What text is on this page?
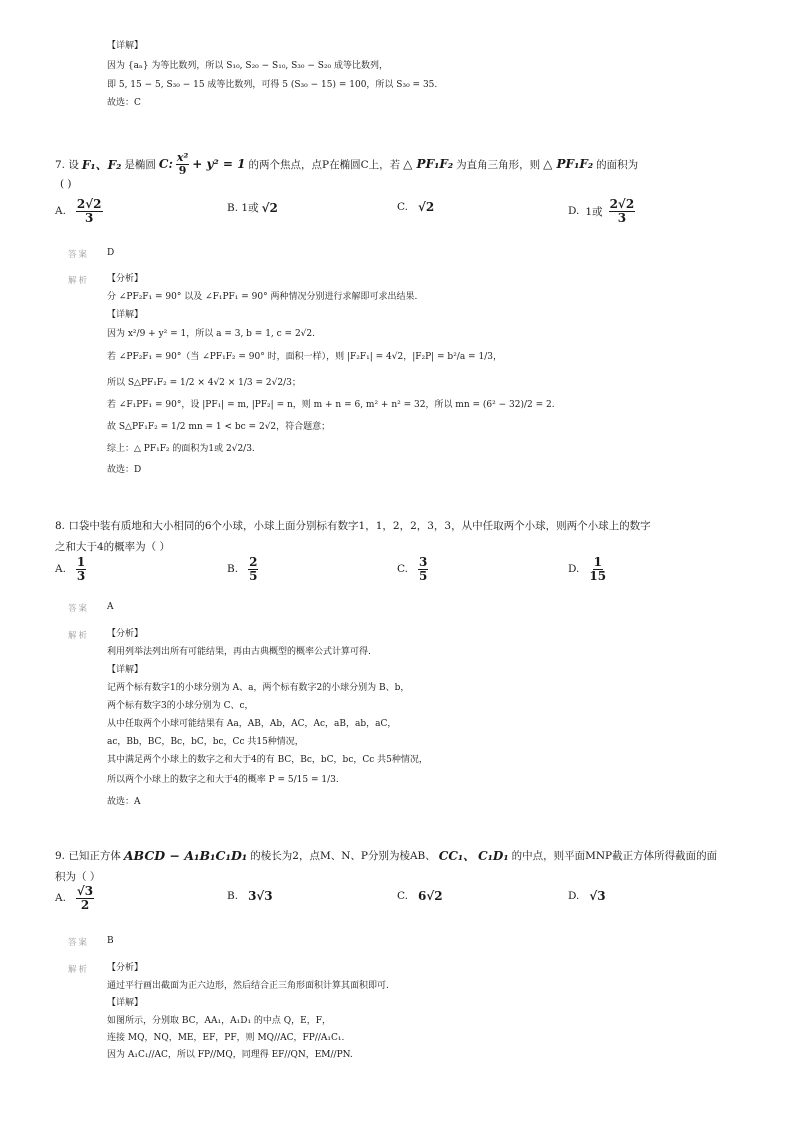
【详解】
因为 {aₙ} 为等比数列，所以 S₁₀, S₂₀ − S₁₀, S₃₀ − S₂₀ 成等比数列，
即 5, 15 − 5, S₃₀ − 15 成等比数列，可得 5 (S₃₀ − 15) = 100，所以 S₃₀ = 35.
故选：C
7. 设 F₁、F₂ 是椭圆 C: $\frac{\text{x²}}{9} + y^2 = 1$ 的两个焦点，点P在椭圆C上，若 △ PF₁F₂ 为直角三角形，则 △ PF₁F₂ 的面积为
( )
A. $\frac{2√2}{3}$	B. 1或 √2	C. √2	D. 1或 $\frac{2√2}{3}$
答案 D
解析 【分析】
分 ∠PF₂F₁ = 90° 以及 ∠F₁PF₁ = 90° 两种情况分别进行求解即可求出结果.
【详解】
因为 x²/9 + y² = 1，所以 a = 3, b = 1, c = 2√2.
若 ∠PF₂F₁ = 90°（当 ∠PF₁F₂ = 90° 时，面积一样），则 |F₂F₁| = 4√2，|F₂P| = b²/a = 1/3，
所以 S△PF₁F₂ = 1/2 × 4√2 × 1/3 = 2√2/3；
若 ∠F₁PF₁ = 90°，设 |PF₁| = m, |PF₂| = n，则 m + n = 6, m² + n² = 32，所以 mn = (6² − 32)/2 = 2.
故 S△PF₁F₂ = 1/2 mn = 1 < bc = 2√2，符合题意；
综上：△ PF₁F₂ 的面积为1或 2√2/3.
故选：D
8. 口袋中装有质地和大小相同的6个小球，小球上面分别标有数字1，1，2，2，3，3，从中任取两个小球，则两个小球上的数字
之和大于4的概率为（ ）
A. $\frac{1}{3}$	B. $\frac{2}{5}$	C. $\frac{3}{5}$	D. $\frac{1}{15}$
答案 A
解析 【分析】
利用列举法列出所有可能结果，再由古典概型的概率公式计算可得.
【详解】
记两个标有数字1的小球分别为 A、a，两个标有数字2的小球分别为 B、b，
两个标有数字3的小球分别为 C、c，
从中任取两个小球可能结果有 Aa，AB，Ab，AC，Ac，aB，ab，aC，
ac，Bb，BC，Bc，bC，bc，Cc 共15种情况，
其中满足两个小球上的数字之和大于4的有 BC，Bc，bC，bc，Cc 共5种情况，
所以两个小球上的数字之和大于4的概率 P = 5/15 = 1/3.
故选：A
9. 已知正方体 ABCD − A₁B₁C₁D₁ 的棱长为2，点M、N、P分别为棱AB、 CC₁、 C₁D₁ 的中点，则平面MNP截正方体所得截面的面
积为（ ）
A. $\frac{√3}{2}$	B. 3√3	C. 6√2	D. √3
答案 B
解析 【分析】
通过平行画出截面为正六边形，然后结合正三角形面积计算其面积即可.
【详解】
如图所示，分别取 BC，AA₁，A₁D₁ 的中点 Q，E，F，
连接 MQ，NQ，ME，EF，PF，则 MQ//AC，FP//A₁C₁.
因为 A₁C₁//AC，所以 FP//MQ，同理得 EF//QN，EM//PN.
